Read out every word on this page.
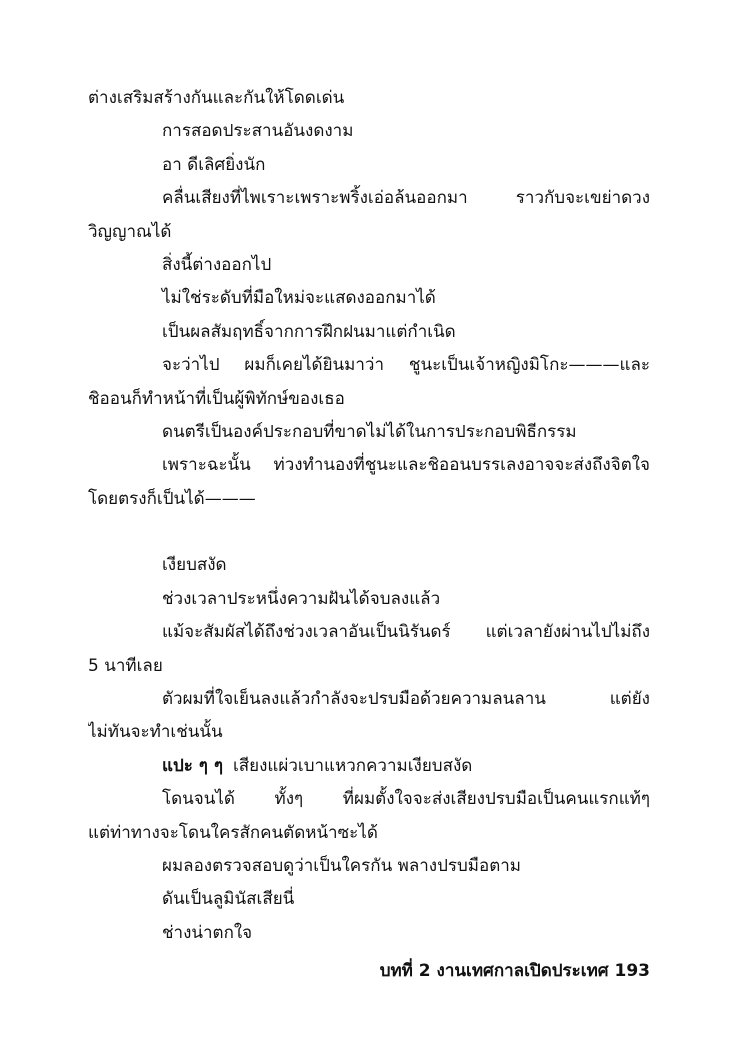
ต่างเสริมสร้างกันและกันให้โดดเด่น
การสอดประสานอันงดงาม
อา ดีเลิศยิ่งนัก
คลื่นเสียงที่ไพเราะเพราะพริ้งเอ่อล้นออกมา ราวกับจะเขย่าดวง
วิญญาณได้
สิ่งนี้ต่างออกไป
ไม่ใช่ระดับที่มือใหม่จะแสดงออกมาได้
เป็นผลสัมฤทธิ์จากการฝึกฝนมาแต่กำเนิด
จะว่าไป ผมก็เคยได้ยินมาว่า ชูนะเป็นเจ้าหญิงมิโกะ———และ
ชิออนก็ทำหน้าที่เป็นผู้พิทักษ์ของเธอ
ดนตรีเป็นองค์ประกอบที่ขาดไม่ได้ในการประกอบพิธีกรรม
เพราะฉะนั้น ท่วงทำนองที่ชูนะและชิออนบรรเลงอาจจะส่งถึงจิตใจ
โดยตรงก็เป็นได้———
เงียบสงัด
ช่วงเวลาประหนึ่งความฝันได้จบลงแล้ว
แม้จะสัมผัสได้ถึงช่วงเวลาอันเป็นนิรันดร์ แต่เวลายังผ่านไปไม่ถึง
5 นาทีเลย
ตัวผมที่ใจเย็นลงแล้วกำลังจะปรบมือด้วยความลนลาน แต่ยัง
ไม่ทันจะทำเช่นนั้น
แปะ ๆ ๆ เสียงแผ่วเบาแหวกความเงียบสงัด
โดนจนได้ ทั้งๆ ที่ผมตั้งใจจะส่งเสียงปรบมือเป็นคนแรกแท้ๆ
แต่ท่าทางจะโดนใครสักคนตัดหน้าซะได้
ผมลองตรวจสอบดูว่าเป็นใครกัน พลางปรบมือตาม
ดันเป็นลูมินัสเสียนี่
ช่างน่าตกใจ
บทที่ 2 งานเทศกาลเปิดประเทศ 193
